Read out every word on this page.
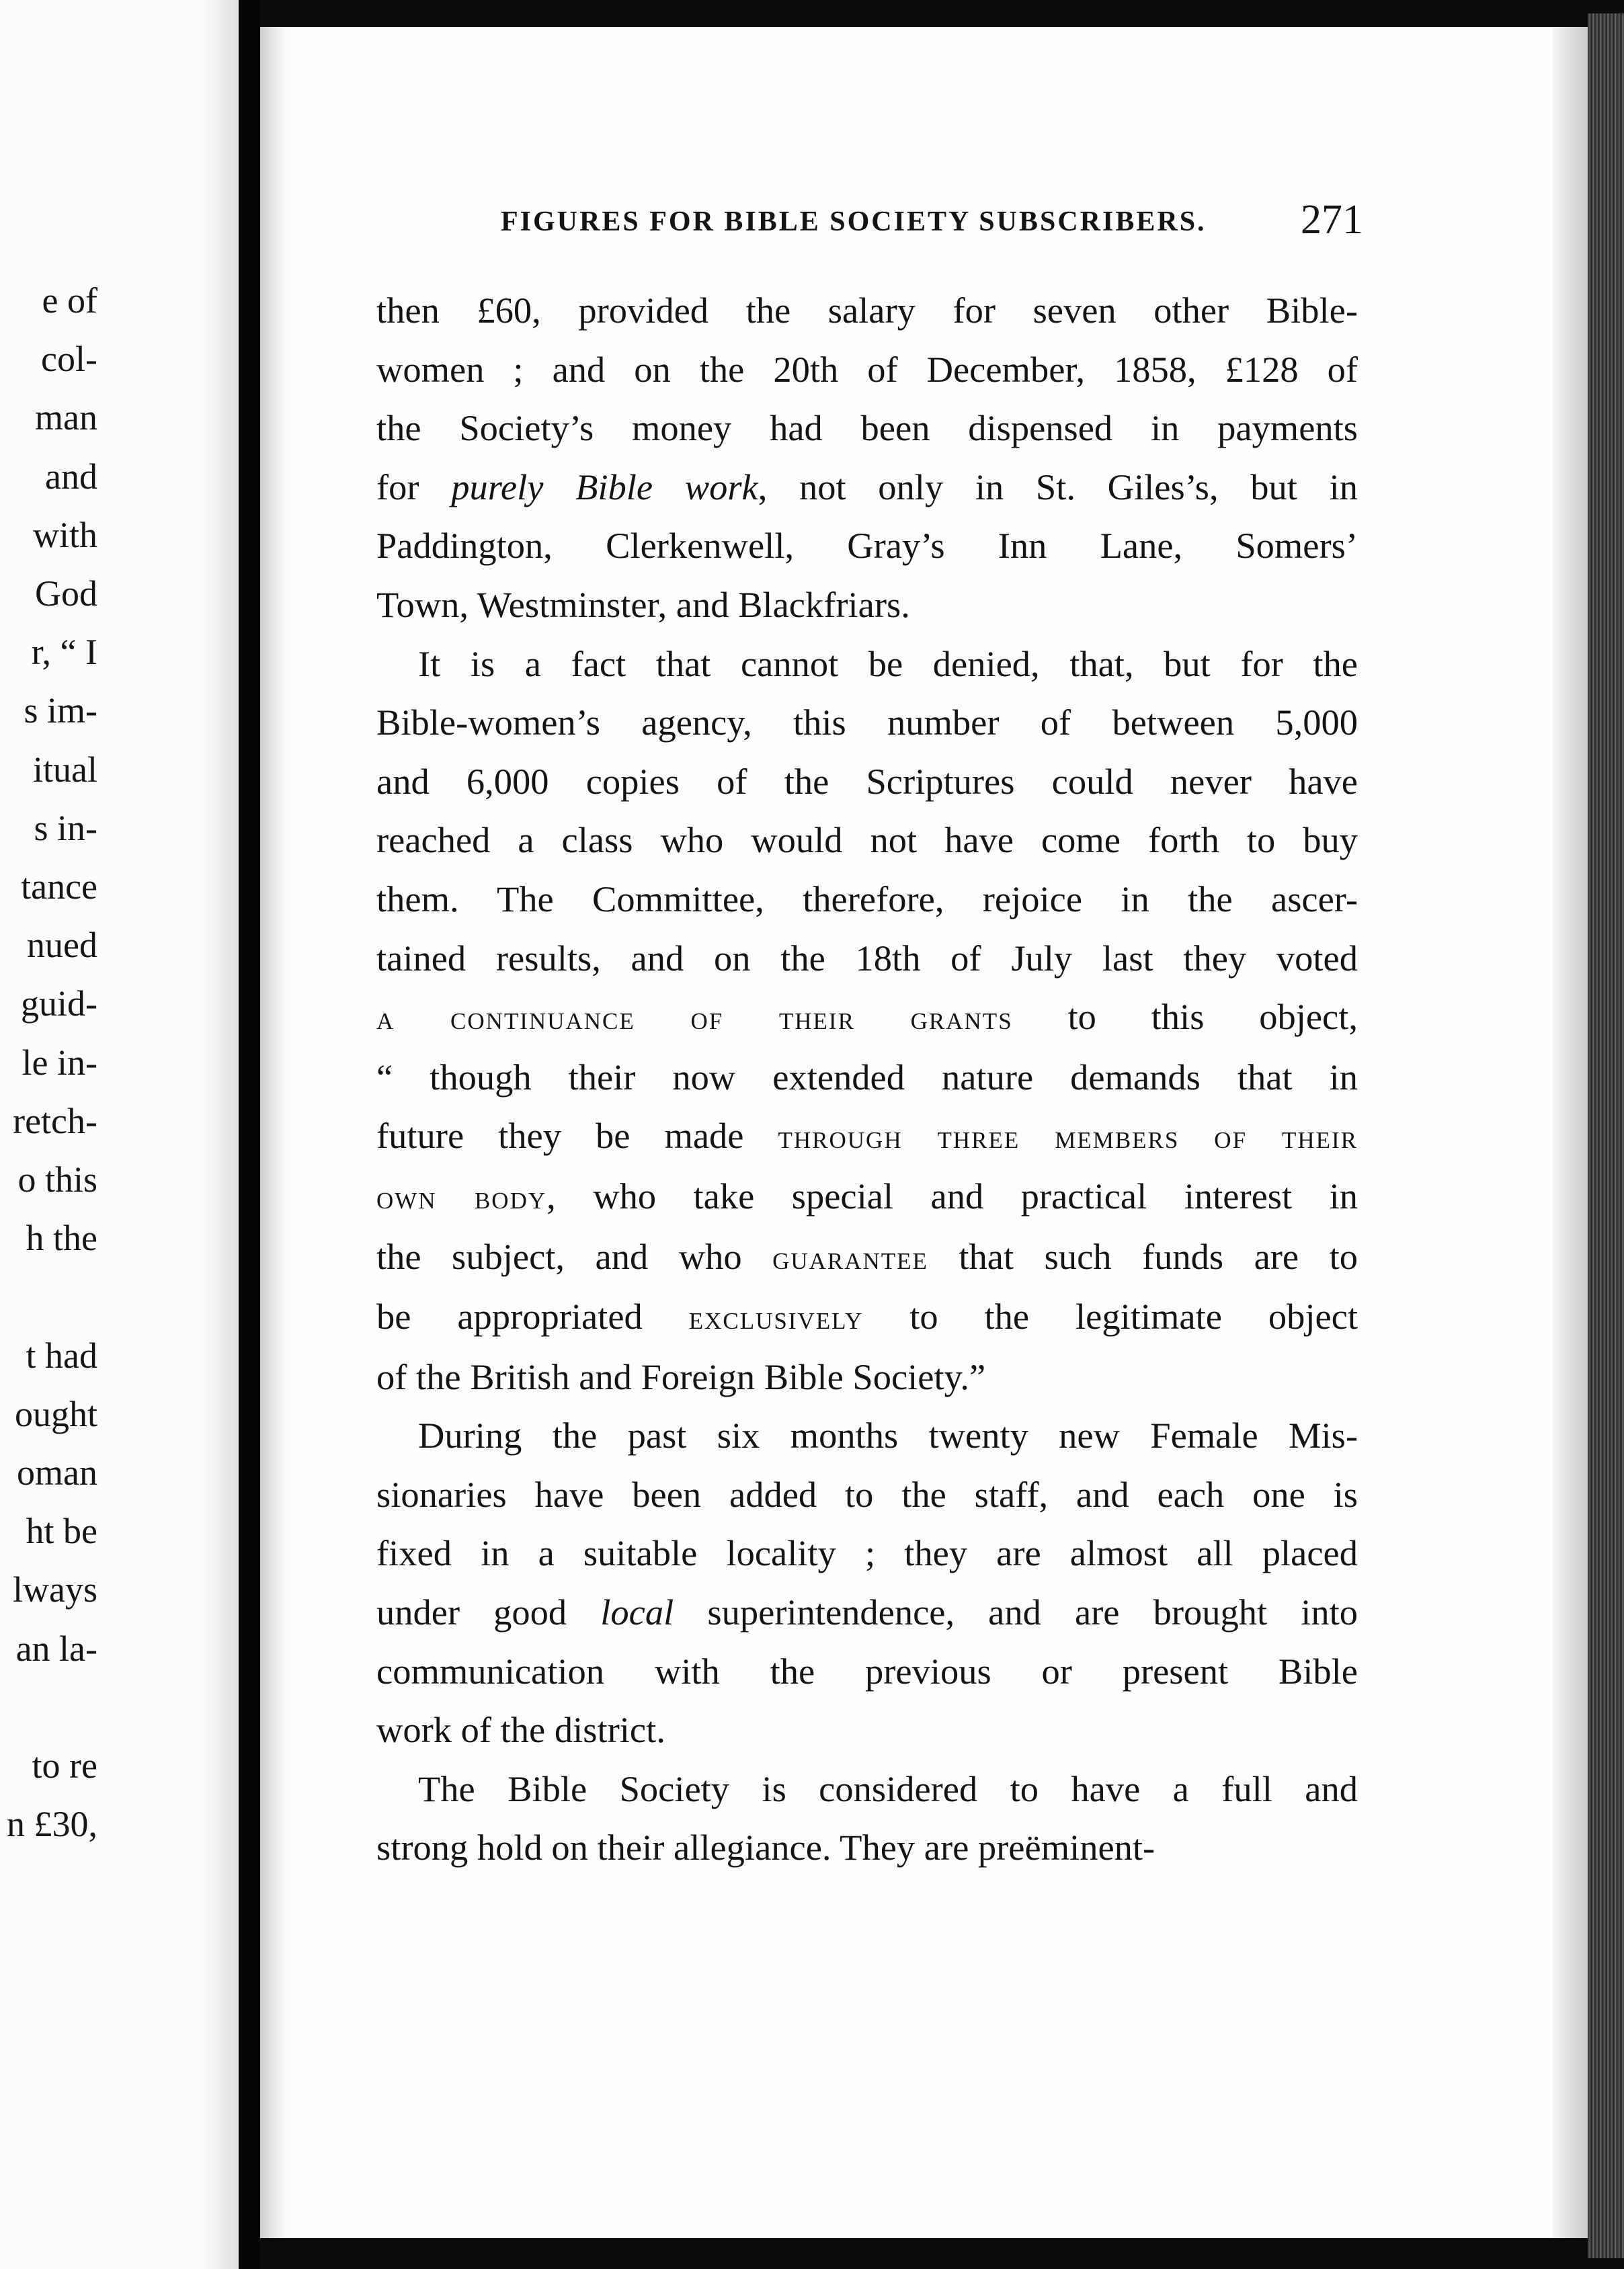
e of
col-
man
and
with
God
r, “ I
s im-
itual
s in-
tance
nued
guid-
le in-
retch-
o this
h the
t had
ought
oman
ht be
lways
an la-
to re
n £30,
FIGURES FOR BIBLE SOCIETY SUBSCRIBERS.	271
then £60, provided the salary for seven other Bible-
women ; and on the 20th of December, 1858, £128 of
the Society’s money had been dispensed in payments
for purely Bible work, not only in St. Giles’s, but in
Paddington, Clerkenwell, Gray’s Inn Lane, Somers’
Town, Westminster, and Blackfriars.
It is a fact that cannot be denied, that, but for the
Bible-women’s agency, this number of between 5,000
and 6,000 copies of the Scriptures could never have
reached a class who would not have come forth to buy
them. The Committee, therefore, rejoice in the ascer-
tained results, and on the 18th of July last they voted
a continuance of their grants to this object,
“ though their now extended nature demands that in
future they be made through three members of their
own body, who take special and practical interest in
the subject, and who guarantee that such funds are to
be appropriated exclusively to the legitimate object
of the British and Foreign Bible Society.”
During the past six months twenty new Female Mis-
sionaries have been added to the staff, and each one is
fixed in a suitable locality ; they are almost all placed
under good local superintendence, and are brought into
communication with the previous or present Bible
work of the district.
The Bible Society is considered to have a full and
strong hold on their allegiance. They are preëminent-
